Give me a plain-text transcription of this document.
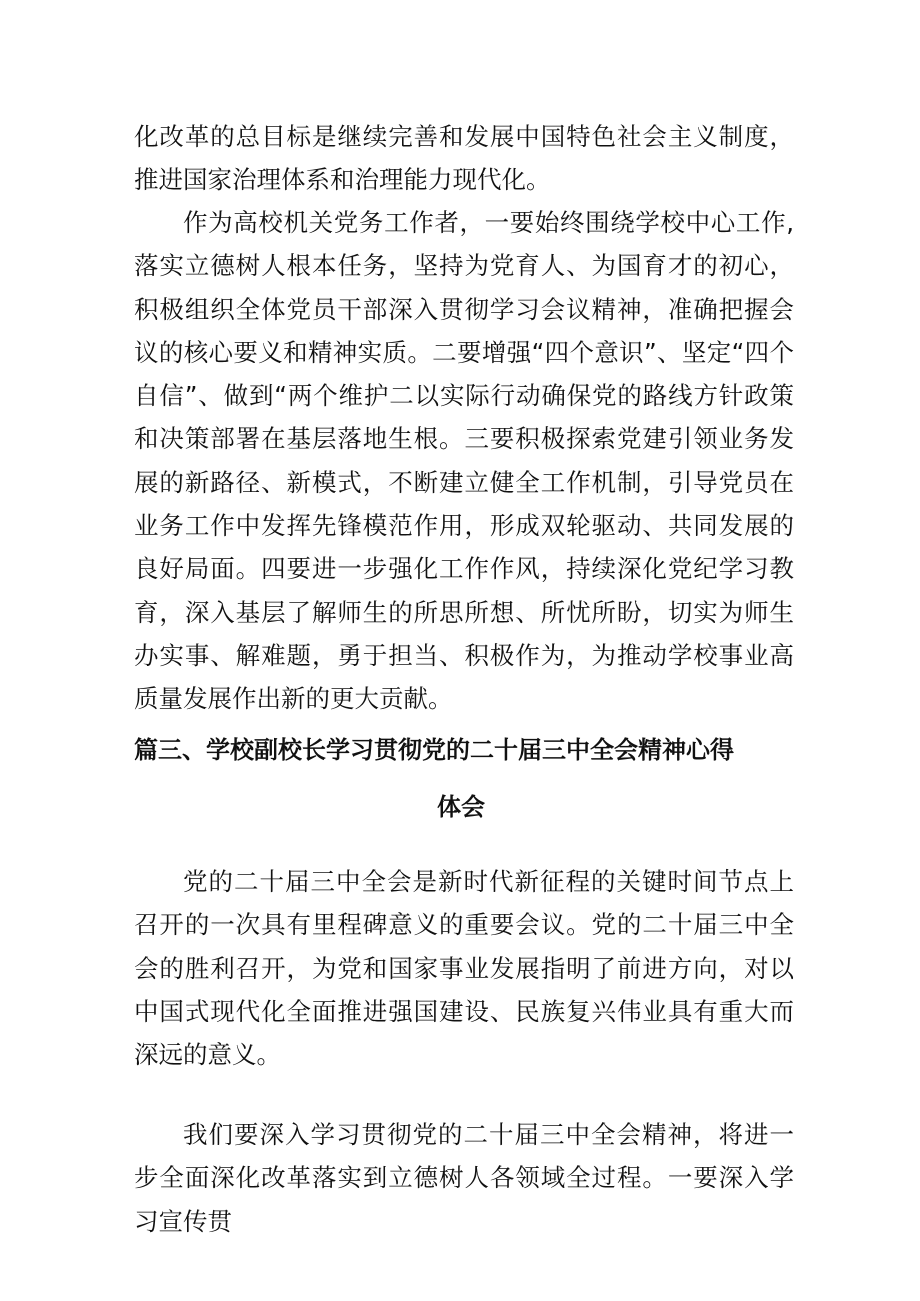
化改革的总目标是继续完善和发展中国特色社会主义制度，推进国家治理体系和治理能力现代化。

作为高校机关党务工作者，一要始终围绕学校中心工作,落实立德树人根本任务，坚持为党育人、为国育才的初心，积极组织全体党员干部深入贯彻学习会议精神，准确把握会议的核心要义和精神实质。二要增强“四个意识”、坚定“四个自信”、做到“两个维护二以实际行动确保党的路线方针政策和决策部署在基层落地生根。三要积极探索党建引领业务发展的新路径、新模式，不断建立健全工作机制，引导党员在业务工作中发挥先锋模范作用，形成双轮驱动、共同发展的良好局面。四要进一步强化工作作风，持续深化党纪学习教育，深入基层了解师生的所思所想、所忧所盼，切实为师生办实事、解难题，勇于担当、积极作为，为推动学校事业高质量发展作出新的更大贡献。

篇三、学校副校长学习贯彻党的二十届三中全会精神心得
体会

党的二十届三中全会是新时代新征程的关键时间节点上召开的一次具有里程碑意义的重要会议。党的二十届三中全会的胜利召开，为党和国家事业发展指明了前进方向，对以中国式现代化全面推进强国建设、民族复兴伟业具有重大而深远的意义。

我们要深入学习贯彻党的二十届三中全会精神，将进一步全面深化改革落实到立德树人各领域全过程。一要深入学习宣传贯
